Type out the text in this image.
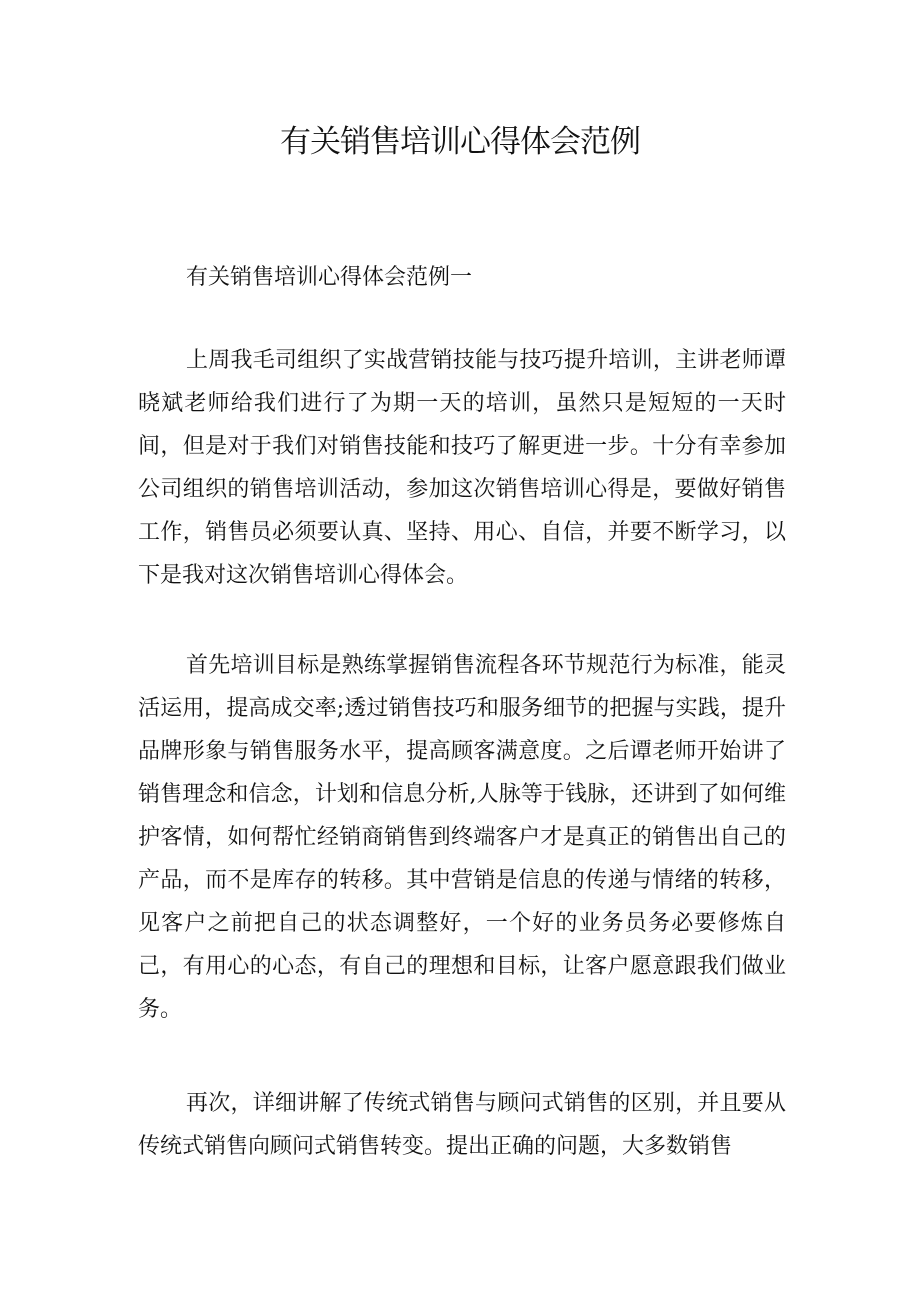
有关销售培训心得体会范例

有关销售培训心得体会范例一

上周我毛司组织了实战营销技能与技巧提升培训，主讲老师谭晓斌老师给我们进行了为期一天的培训，虽然只是短短的一天时间，但是对于我们对销售技能和技巧了解更进一步。十分有幸参加公司组织的销售培训活动，参加这次销售培训心得是，要做好销售工作，销售员必须要认真、坚持、用心、自信，并要不断学习，以下是我对这次销售培训心得体会。

首先培训目标是熟练掌握销售流程各环节规范行为标准，能灵活运用，提高成交率;透过销售技巧和服务细节的把握与实践，提升品牌形象与销售服务水平，提高顾客满意度。之后谭老师开始讲了销售理念和信念，计划和信息分析,人脉等于钱脉，还讲到了如何维护客情，如何帮忙经销商销售到终端客户才是真正的销售出自己的产品，而不是库存的转移。其中营销是信息的传递与情绪的转移，见客户之前把自己的状态调整好，一个好的业务员务必要修炼自己，有用心的心态，有自己的理想和目标，让客户愿意跟我们做业务。

再次，详细讲解了传统式销售与顾问式销售的区别，并且要从传统式销售向顾问式销售转变。提出正确的问题，大多数销售
